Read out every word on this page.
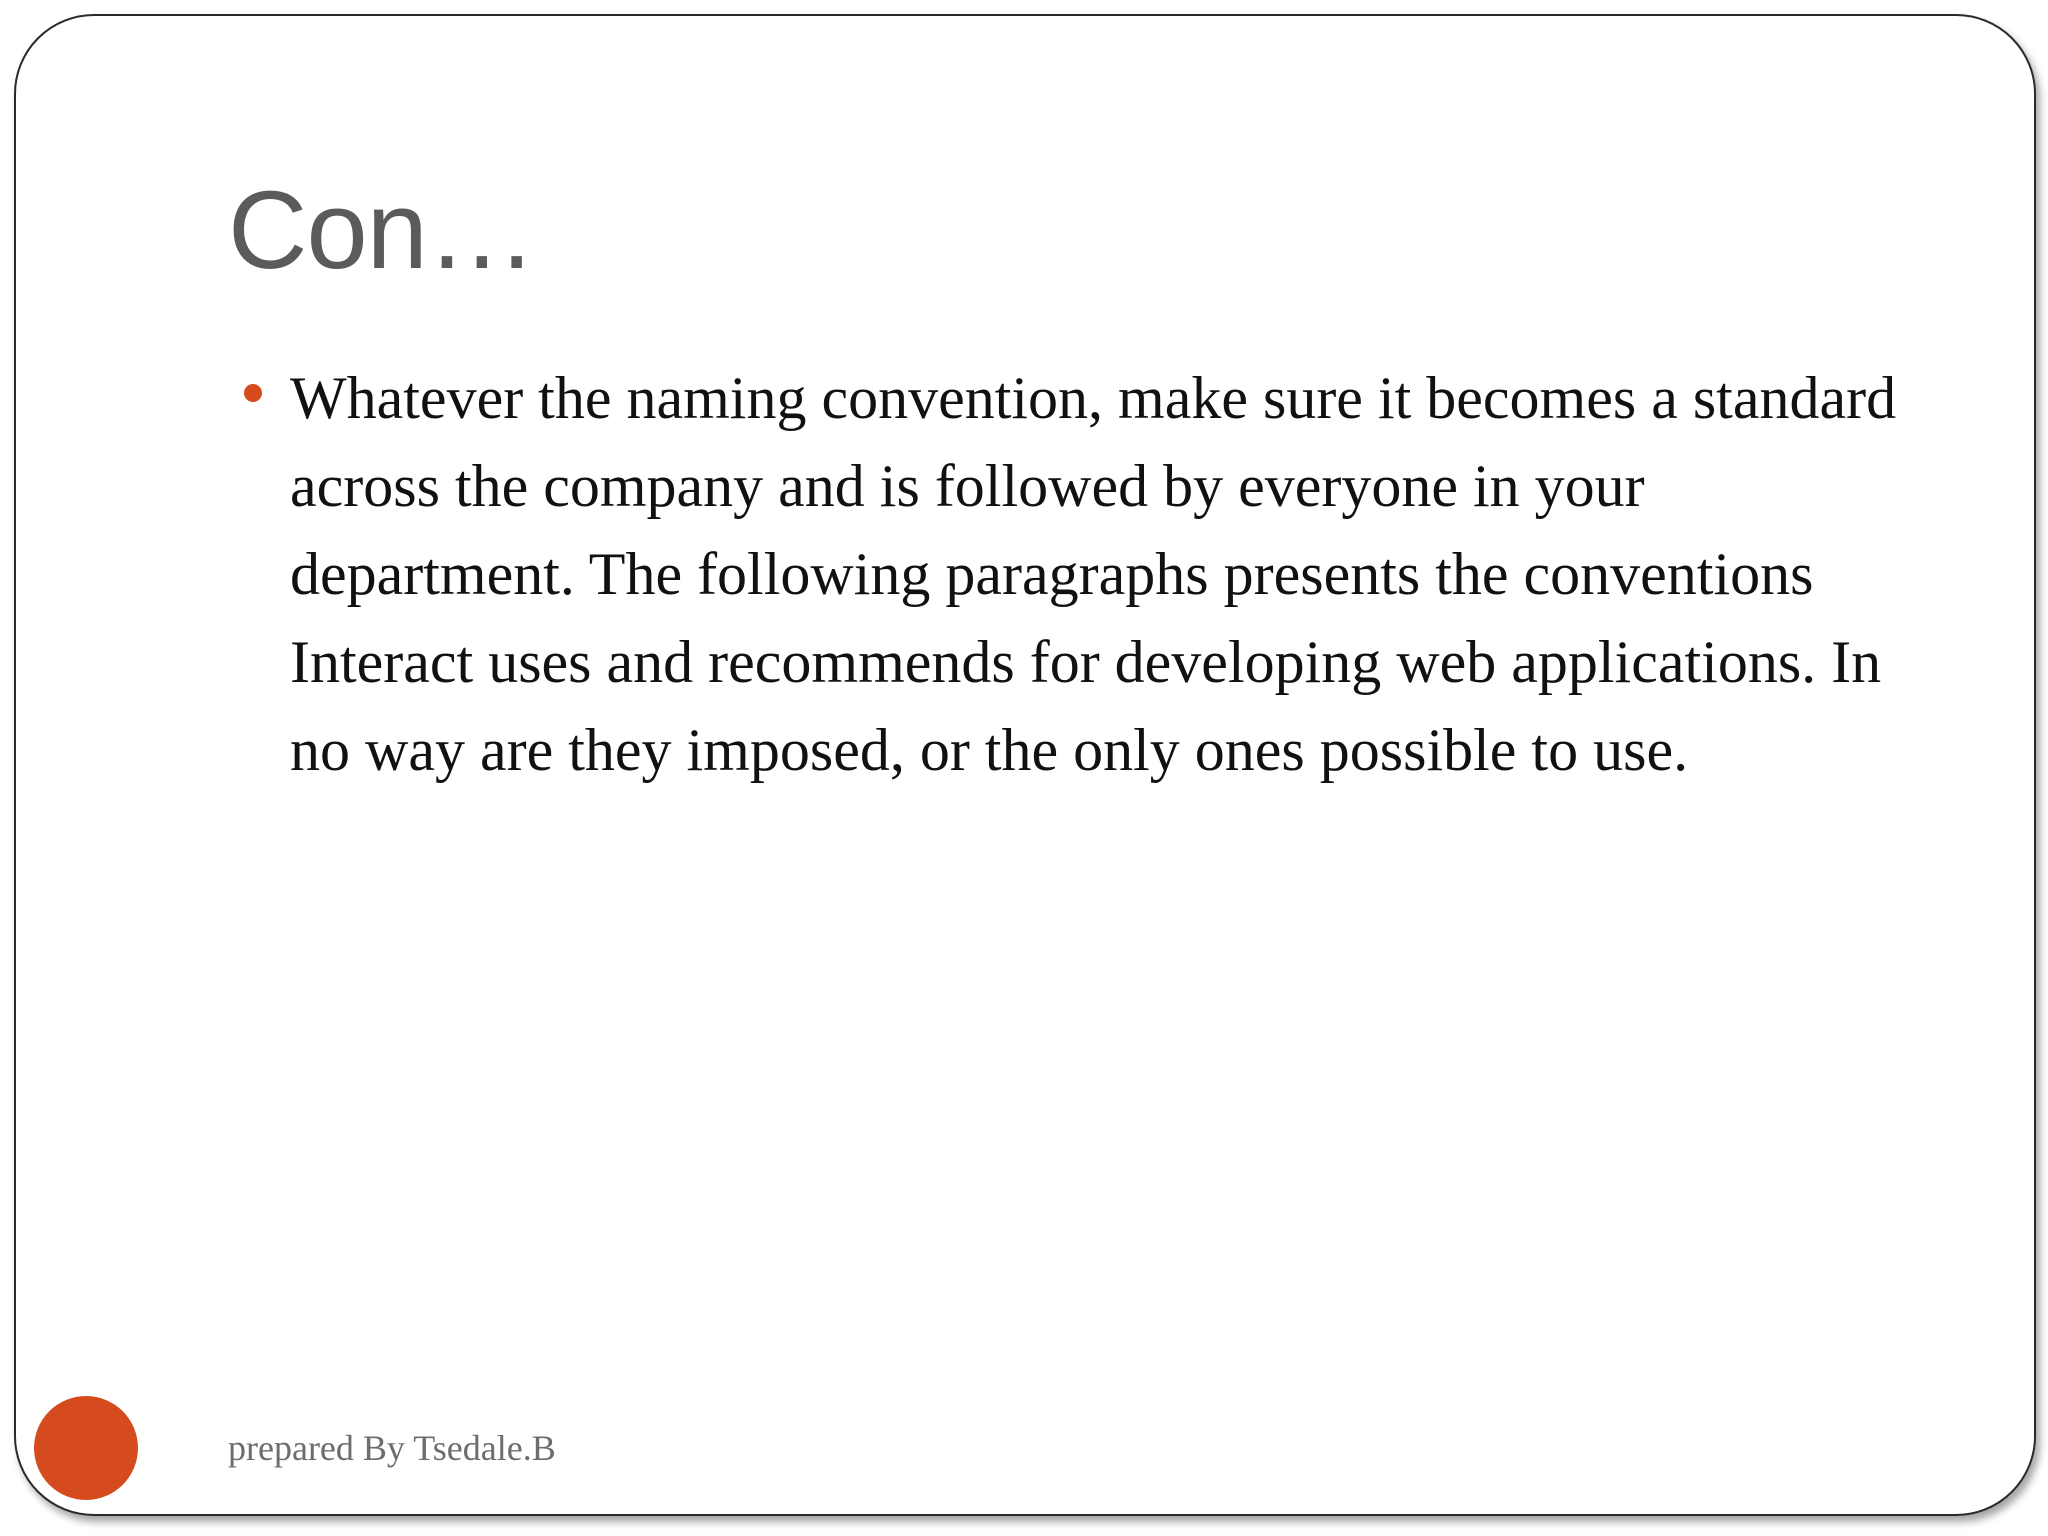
Con…
Whatever the naming convention, make sure it becomes a standard across the company and is followed by everyone in your department. The following paragraphs presents the conventions Interact uses and recommends for developing web applications. In no way are they imposed, or the only ones possible to use.
prepared By Tsedale.B
